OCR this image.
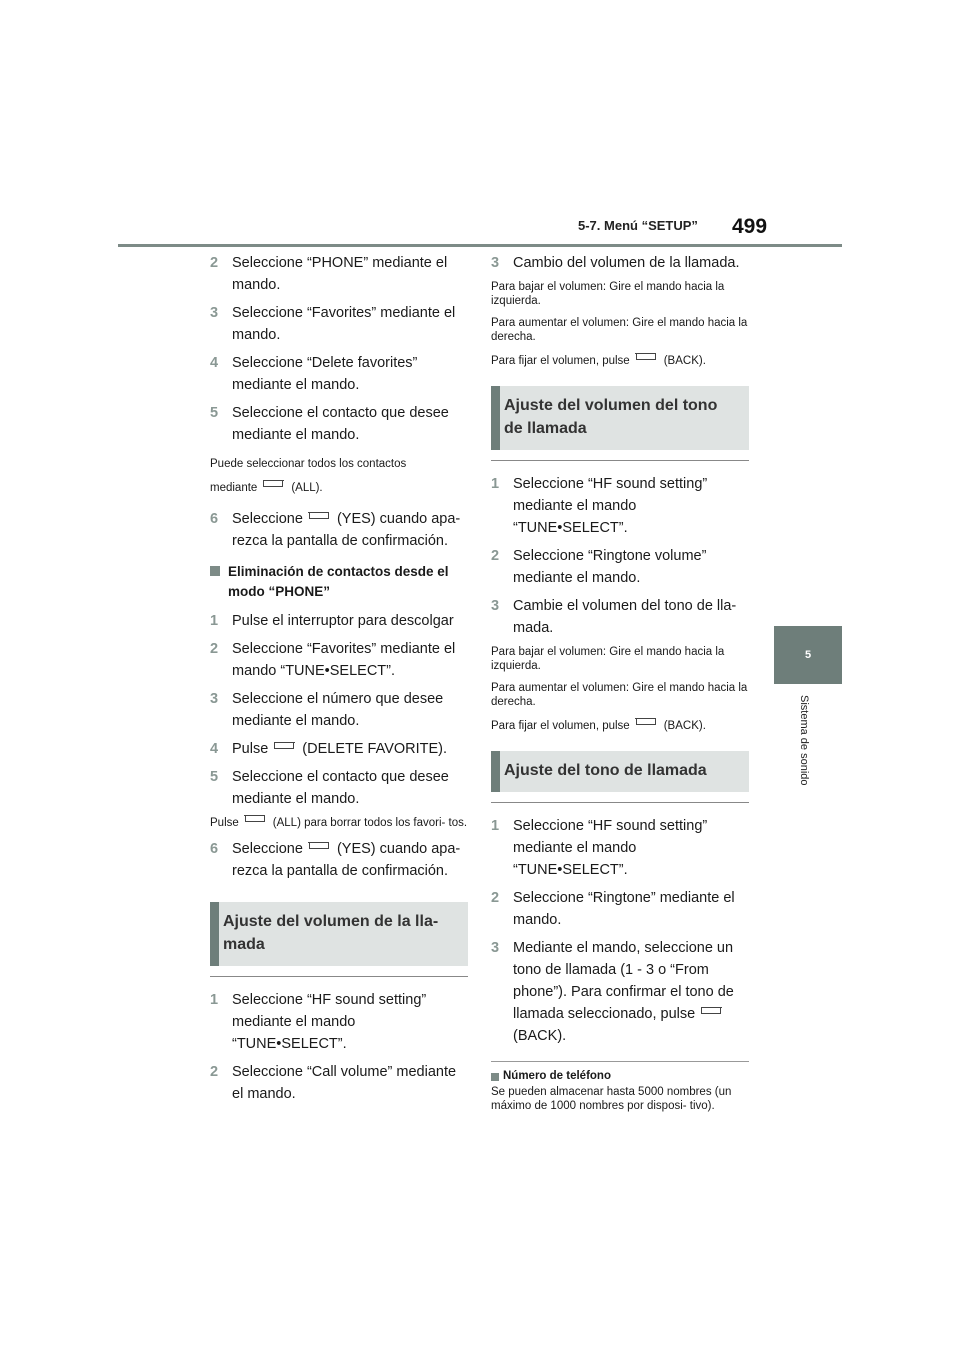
5-7. Menú “SETUP” 499
5
Sistema de sonido
2 Seleccione “PHONE” mediante el mando.
3 Seleccione “Favorites” mediante el mando.
4 Seleccione “Delete favorites” mediante el mando.
5 Seleccione el contacto que desee mediante el mando.
Puede seleccionar todos los contactos
mediante	(ALL).
6 Seleccione (YES) cuando apa- rezca la pantalla de confirmación.
Eliminación de contactos desde el modo “PHONE”
1 Pulse el interruptor para descolgar
2 Seleccione “Favorites” mediante el mando “TUNE•SELECT”.
3 Seleccione el número que desee mediante el mando.
4 Pulse (DELETE FAVORITE).
5 Seleccione el contacto que desee mediante el mando.
Pulse	(ALL) para borrar todos los favori- tos.
6 Seleccione (YES) cuando apa- rezca la pantalla de confirmación.
Ajuste del volumen de la lla- mada
1 Seleccione “HF sound setting” mediante el mando “TUNE•SELECT”.
2 Seleccione “Call volume” mediante el mando.
3 Cambio del volumen de la llamada.
Para bajar el volumen: Gire el mando hacia la izquierda.
Para aumentar el volumen: Gire el mando hacia la derecha.
Para fijar el volumen, pulse	(BACK).
Ajuste del volumen del tono de llamada
1 Seleccione “HF sound setting” mediante el mando “TUNE•SELECT”.
2 Seleccione “Ringtone volume” mediante el mando.
3 Cambie el volumen del tono de lla- mada.
Para bajar el volumen: Gire el mando hacia la izquierda.
Para aumentar el volumen: Gire el mando hacia la derecha.
Para fijar el volumen, pulse	(BACK).
Ajuste del tono de llamada
1 Seleccione “HF sound setting” mediante el mando “TUNE•SELECT”.
2 Seleccione “Ringtone” mediante el mando.
3 Mediante el mando, seleccione un tono de llamada (1 - 3 o “From phone”). Para confirmar el tono de llamada seleccionado, pulse(BACK).
Número de teléfono
Se pueden almacenar hasta 5000 nombres (un máximo de 1000 nombres por disposi- tivo).
